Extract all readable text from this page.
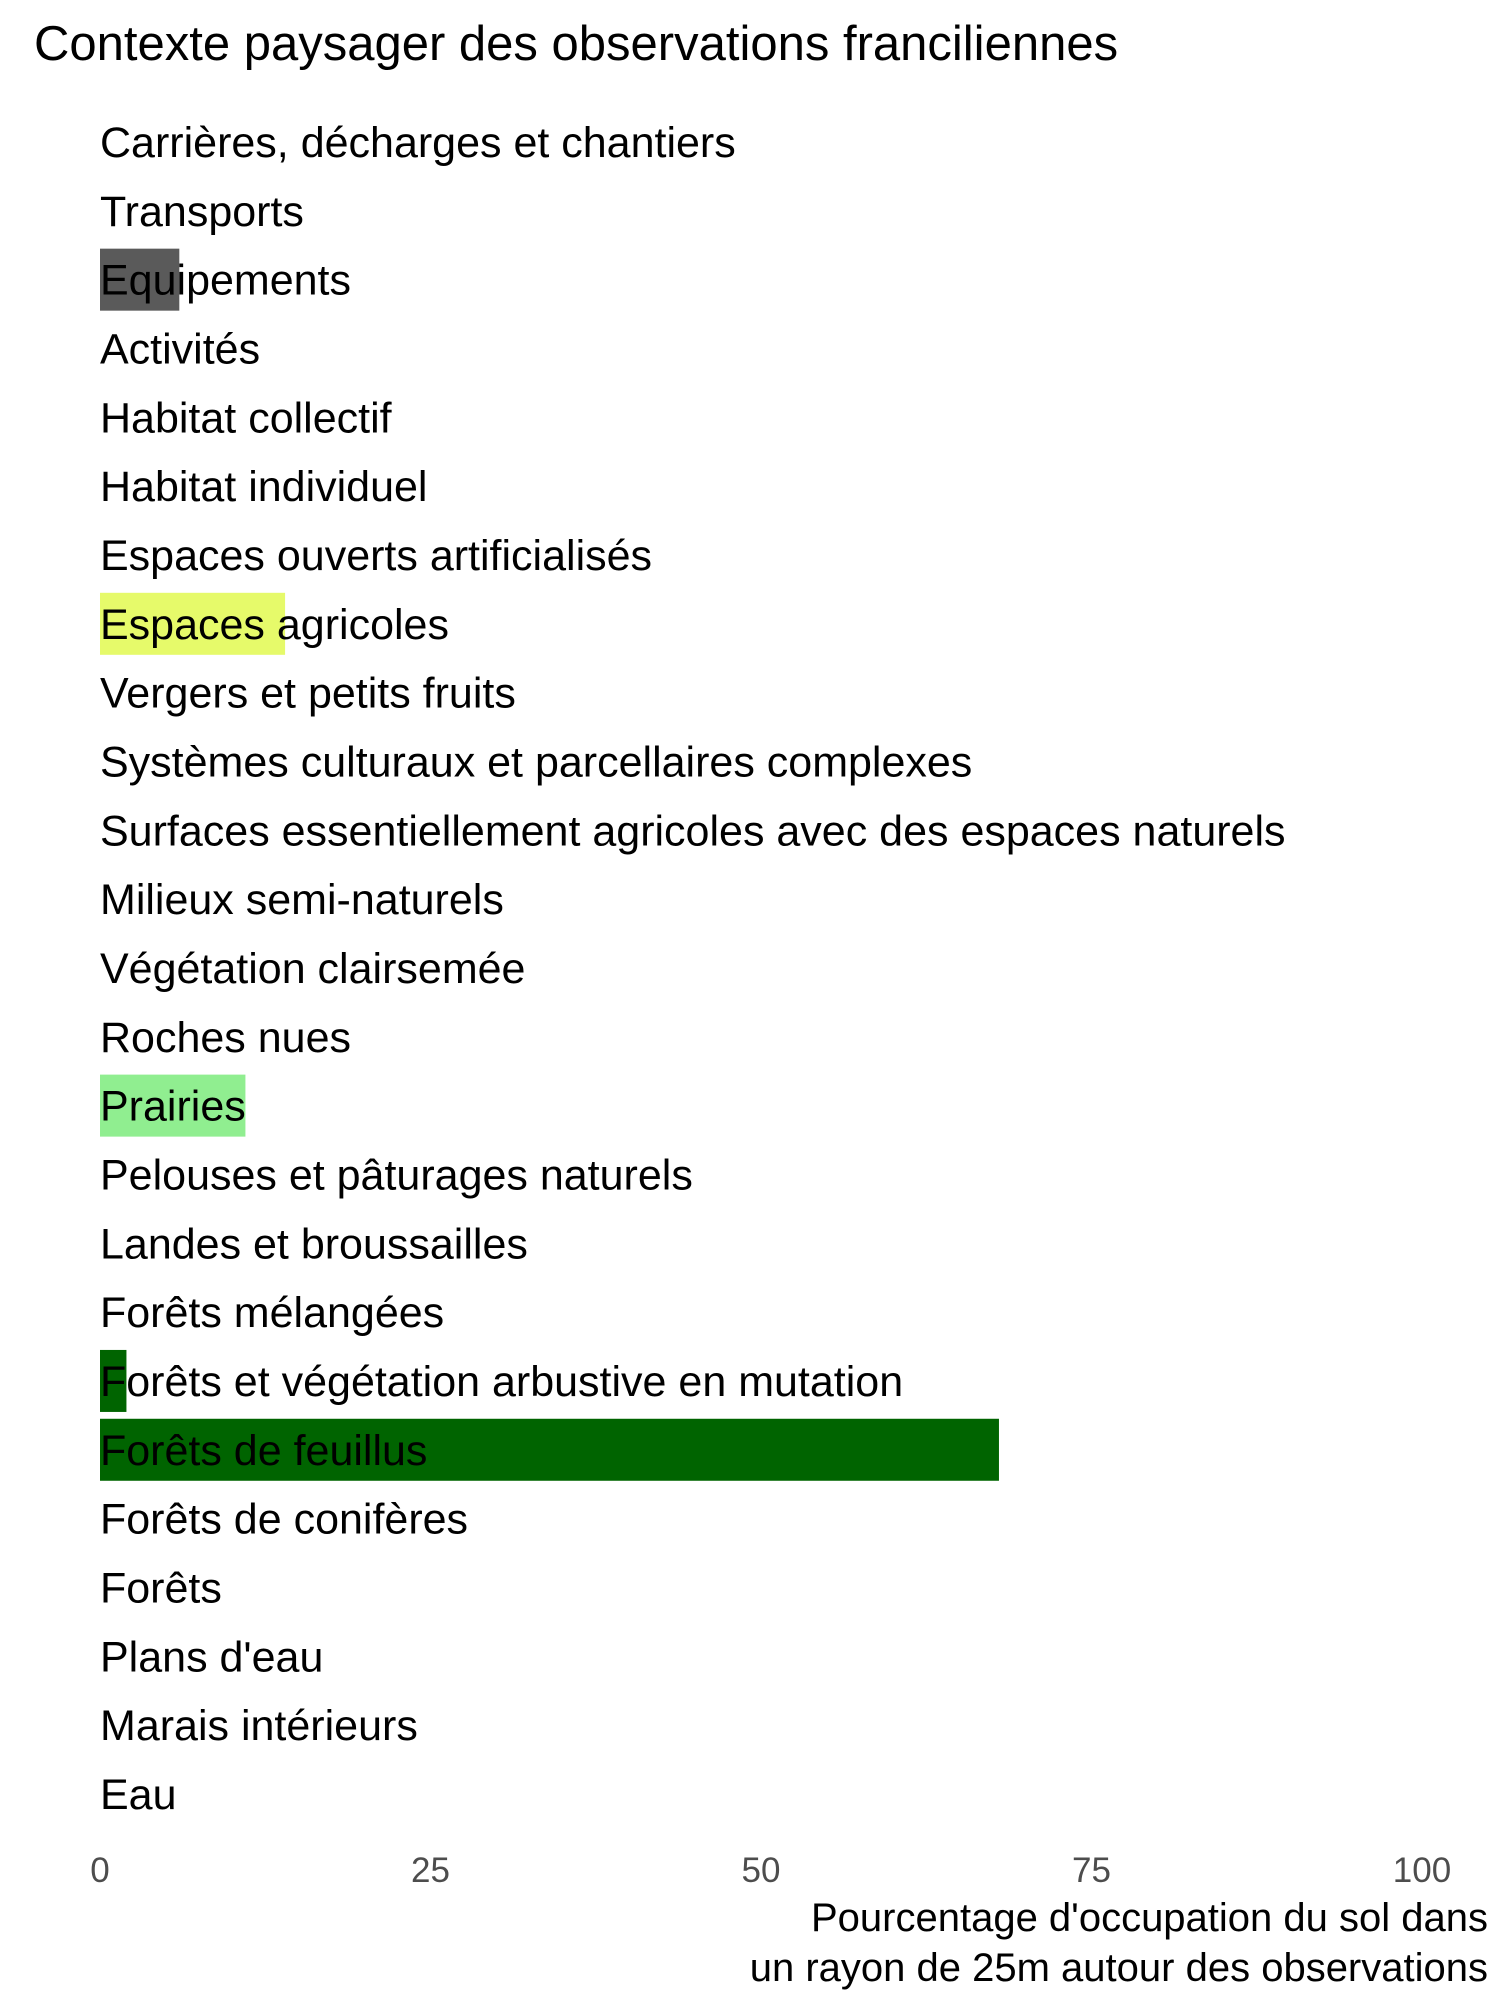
Contexte paysager des observations franciliennes
Carrières, décharges et chantiers
Transports
Equipements
Activités
Habitat collectif
Habitat individuel
Espaces ouverts artificialisés
Espaces agricoles
Vergers et petits fruits
Systèmes culturaux et parcellaires complexes
Surfaces essentiellement agricoles avec des espaces naturels
Milieux semi-naturels
Végétation clairsemée
Roches nues
Prairies
Pelouses et pâturages naturels
Landes et broussailles
Forêts mélangées
Forêts et végétation arbustive en mutation
Forêts de feuillus
Forêts de conifères
Forêts
Plans d'eau
Marais intérieurs
Eau
0	25	50	75	100
Pourcentage d'occupation du sol dans un rayon de 25m autour des observations
